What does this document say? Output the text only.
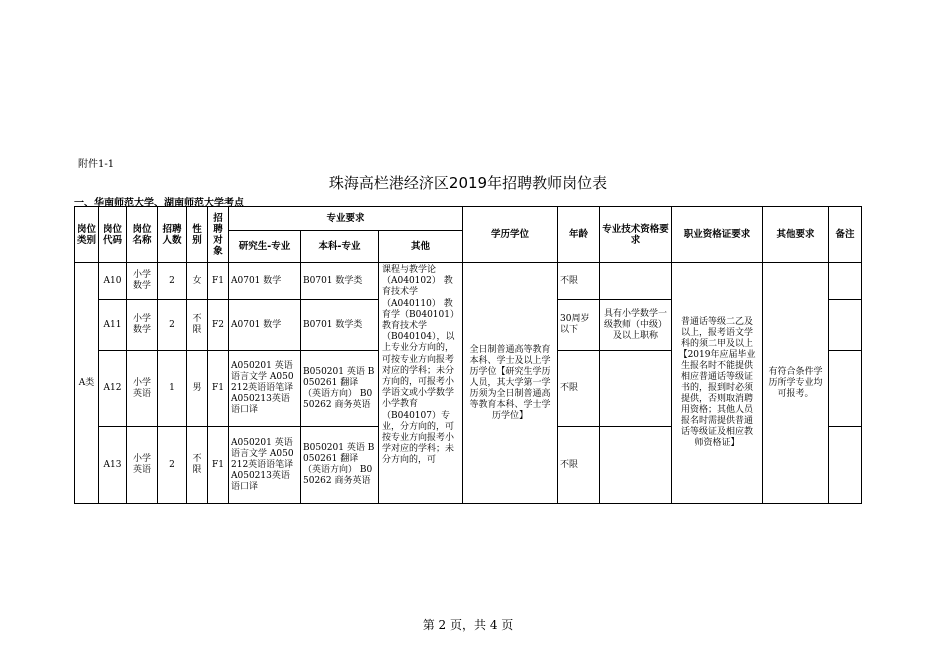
附件1-1
珠海高栏港经济区2019年招聘教师岗位表
一、华南师范大学、湖南师范大学考点
岗位类别	岗位代码	岗位名称	招聘人数	性别	招聘对象	专业要求			学历学位	年龄	专业技术资格要求	职业资格证要求	其他要求	备注
						研究生-专业	本科-专业	其他						
A类	A10	小学数学	2	女	F1	A0701 数学	B0701 数学类	课程与教学论（A040102） 教育技术学（A040110） 教育学（B040101） 教育技术学（B040104），以上专业分方向的，可按专业方向报考对应的学科；未分方向的，可报考小学语文或小学数学 小学教育（B040107）专业，分方向的，可按专业方向报考小学对应的学科；未分方向的，可	全日制普通高等教育本科、学士及以上学历学位【研究生学历人员，其大学第一学历须为全日制普通高等教育本科、学士学历学位】	不限		普通话等级二乙及以上，报考语文学科的须二甲及以上【2019年应届毕业生报名时不能提供相应普通话等级证书的，报到时必须提供，否则取消聘用资格；其他人员报名时需提供普通话等级证及相应教师资格证】	有符合条件学历所学专业均可报考。	
	A11	小学数学	2	不限	F2	A0701 数学	B0701 数学类			30周岁以下	具有小学数学一级教师（中级）及以上职称			
	A12	小学英语	1	男	F1	A050201 英语语言文学 A050212英语语笔译A050213英语语口译	B050201 英语 B050261 翻译（英语方向） B050262 商务英语			不限				
	A13	小学英语	2	不限	F1	A050201 英语语言文学 A050212英语语笔译A050213英语语口译	B050201 英语 B050261 翻译（英语方向） B050262 商务英语			不限				
第 2 页，共 4 页
